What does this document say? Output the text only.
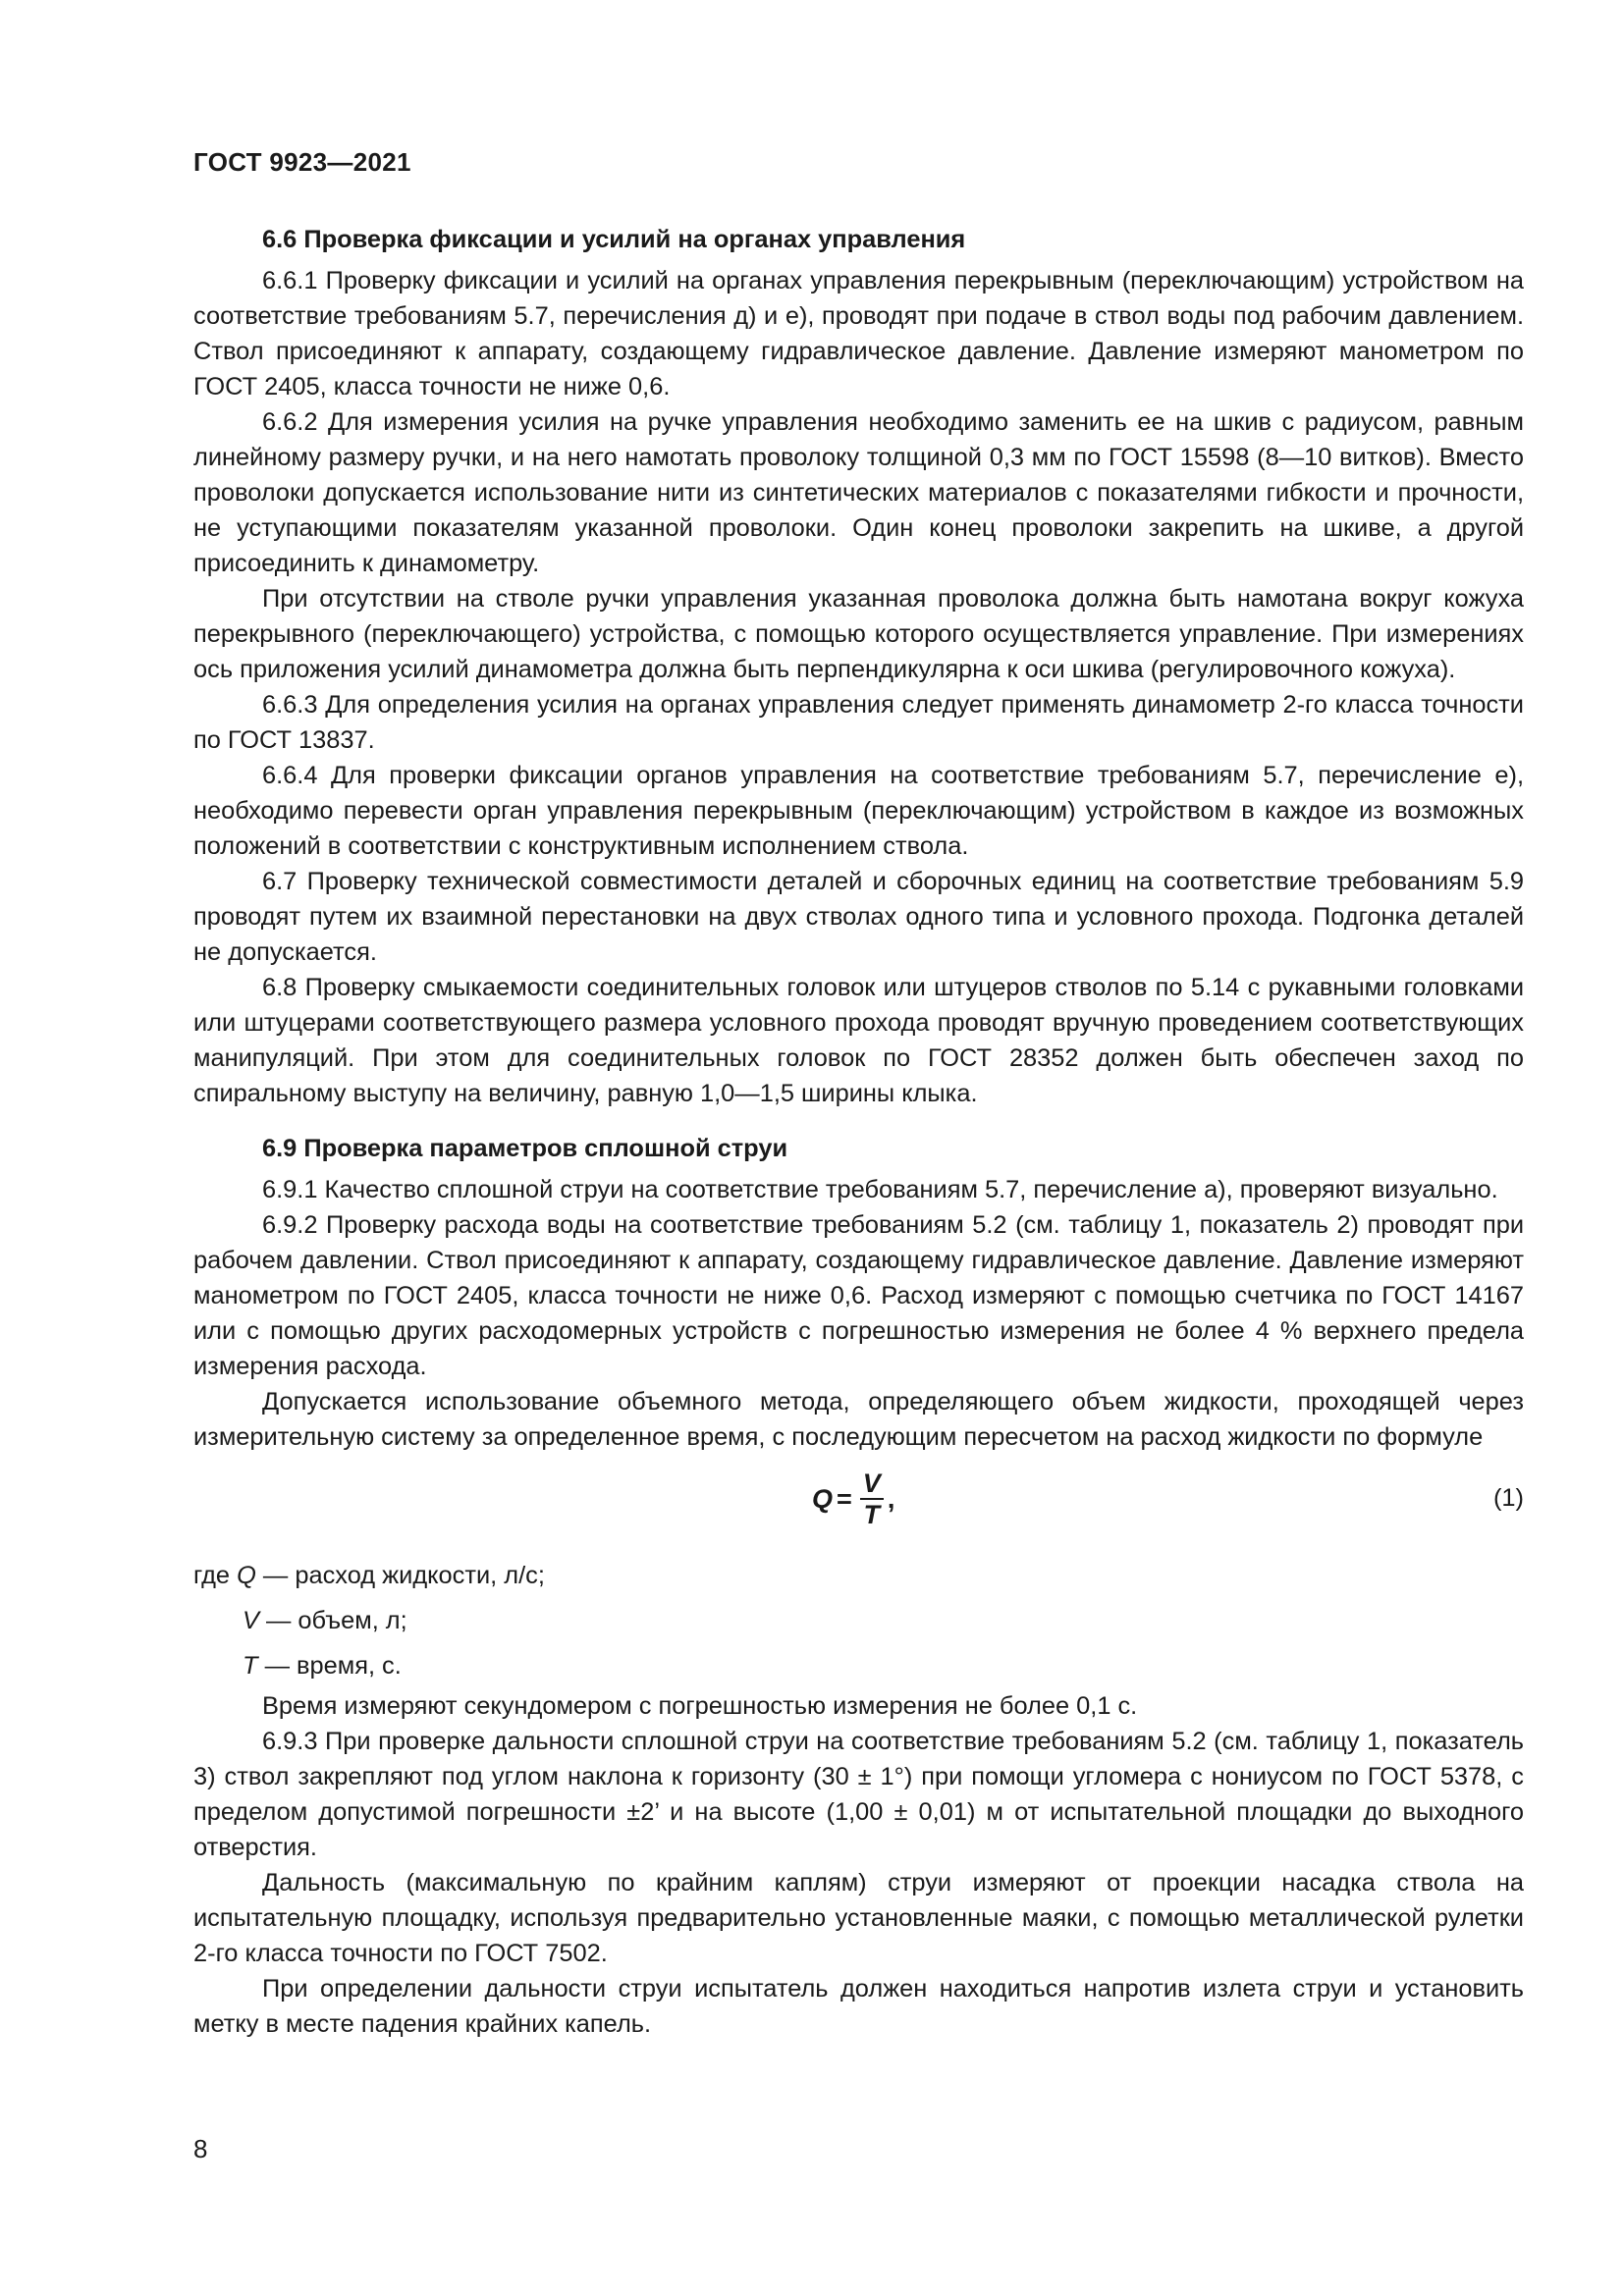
ГОСТ 9923—2021
6.6 Проверка фиксации и усилий на органах управления

6.6.1 Проверку фиксации и усилий на органах управления перекрывным (переключающим) устройством на соответствие требованиям 5.7, перечисления д) и е), проводят при подаче в ствол воды под рабочим давлением. Ствол присоединяют к аппарату, создающему гидравлическое давление. Давление измеряют манометром по ГОСТ 2405, класса точности не ниже 0,6.

6.6.2 Для измерения усилия на ручке управления необходимо заменить ее на шкив с радиусом, равным линейному размеру ручки, и на него намотать проволоку толщиной 0,3 мм по ГОСТ 15598 (8—10 витков). Вместо проволоки допускается использование нити из синтетических материалов с показателями гибкости и прочности, не уступающими показателям указанной проволоки. Один конец проволоки закрепить на шкиве, а другой присоединить к динамометру.

При отсутствии на стволе ручки управления указанная проволока должна быть намотана вокруг кожуха перекрывного (переключающего) устройства, с помощью которого осуществляется управление. При измерениях ось приложения усилий динамометра должна быть перпендикулярна к оси шкива (регулировочного кожуха).

6.6.3 Для определения усилия на органах управления следует применять динамометр 2-го класса точности по ГОСТ 13837.

6.6.4 Для проверки фиксации органов управления на соответствие требованиям 5.7, перечисление е), необходимо перевести орган управления перекрывным (переключающим) устройством в каждое из возможных положений в соответствии с конструктивным исполнением ствола.

6.7 Проверку технической совместимости деталей и сборочных единиц на соответствие требованиям 5.9 проводят путем их взаимной перестановки на двух стволах одного типа и условного прохода. Подгонка деталей не допускается.

6.8 Проверку смыкаемости соединительных головок или штуцеров стволов по 5.14 с рукавными головками или штуцерами соответствующего размера условного прохода проводят вручную проведением соответствующих манипуляций. При этом для соединительных головок по ГОСТ 28352 должен быть обеспечен заход по спиральному выступу на величину, равную 1,0—1,5 ширины клыка.

6.9 Проверка параметров сплошной струи

6.9.1 Качество сплошной струи на соответствие требованиям 5.7, перечисление а), проверяют визуально.

6.9.2 Проверку расхода воды на соответствие требованиям 5.2 (см. таблицу 1, показатель 2) проводят при рабочем давлении. Ствол присоединяют к аппарату, создающему гидравлическое давление. Давление измеряют манометром по ГОСТ 2405, класса точности не ниже 0,6. Расход измеряют с помощью счетчика по ГОСТ 14167 или с помощью других расходомерных устройств с погрешностью измерения не более 4 % верхнего предела измерения расхода.

Допускается использование объемного метода, определяющего объем жидкости, проходящей через измерительную систему за определенное время, с последующим пересчетом на расход жидкости по формуле

$Q = \frac{V}{T}$ ,	(1)
где Q — расход жидкости, л/с;
V — объем, л;
T — время, с.

Время измеряют секундомером с погрешностью измерения не более 0,1 с.

6.9.3 При проверке дальности сплошной струи на соответствие требованиям 5.2 (см. таблицу 1, показатель 3) ствол закрепляют под углом наклона к горизонту (30 ± 1°) при помощи угломера с нониусом по ГОСТ 5378, с пределом допустимой погрешности ±2’ и на высоте (1,00 ± 0,01) м от испытательной площадки до выходного отверстия.

Дальность (максимальную по крайним каплям) струи измеряют от проекции насадка ствола на испытательную площадку, используя предварительно установленные маяки, с помощью металлической рулетки 2-го класса точности по ГОСТ 7502.

При определении дальности струи испытатель должен находиться напротив излета струи и установить метку в месте падения крайних капель.

8
